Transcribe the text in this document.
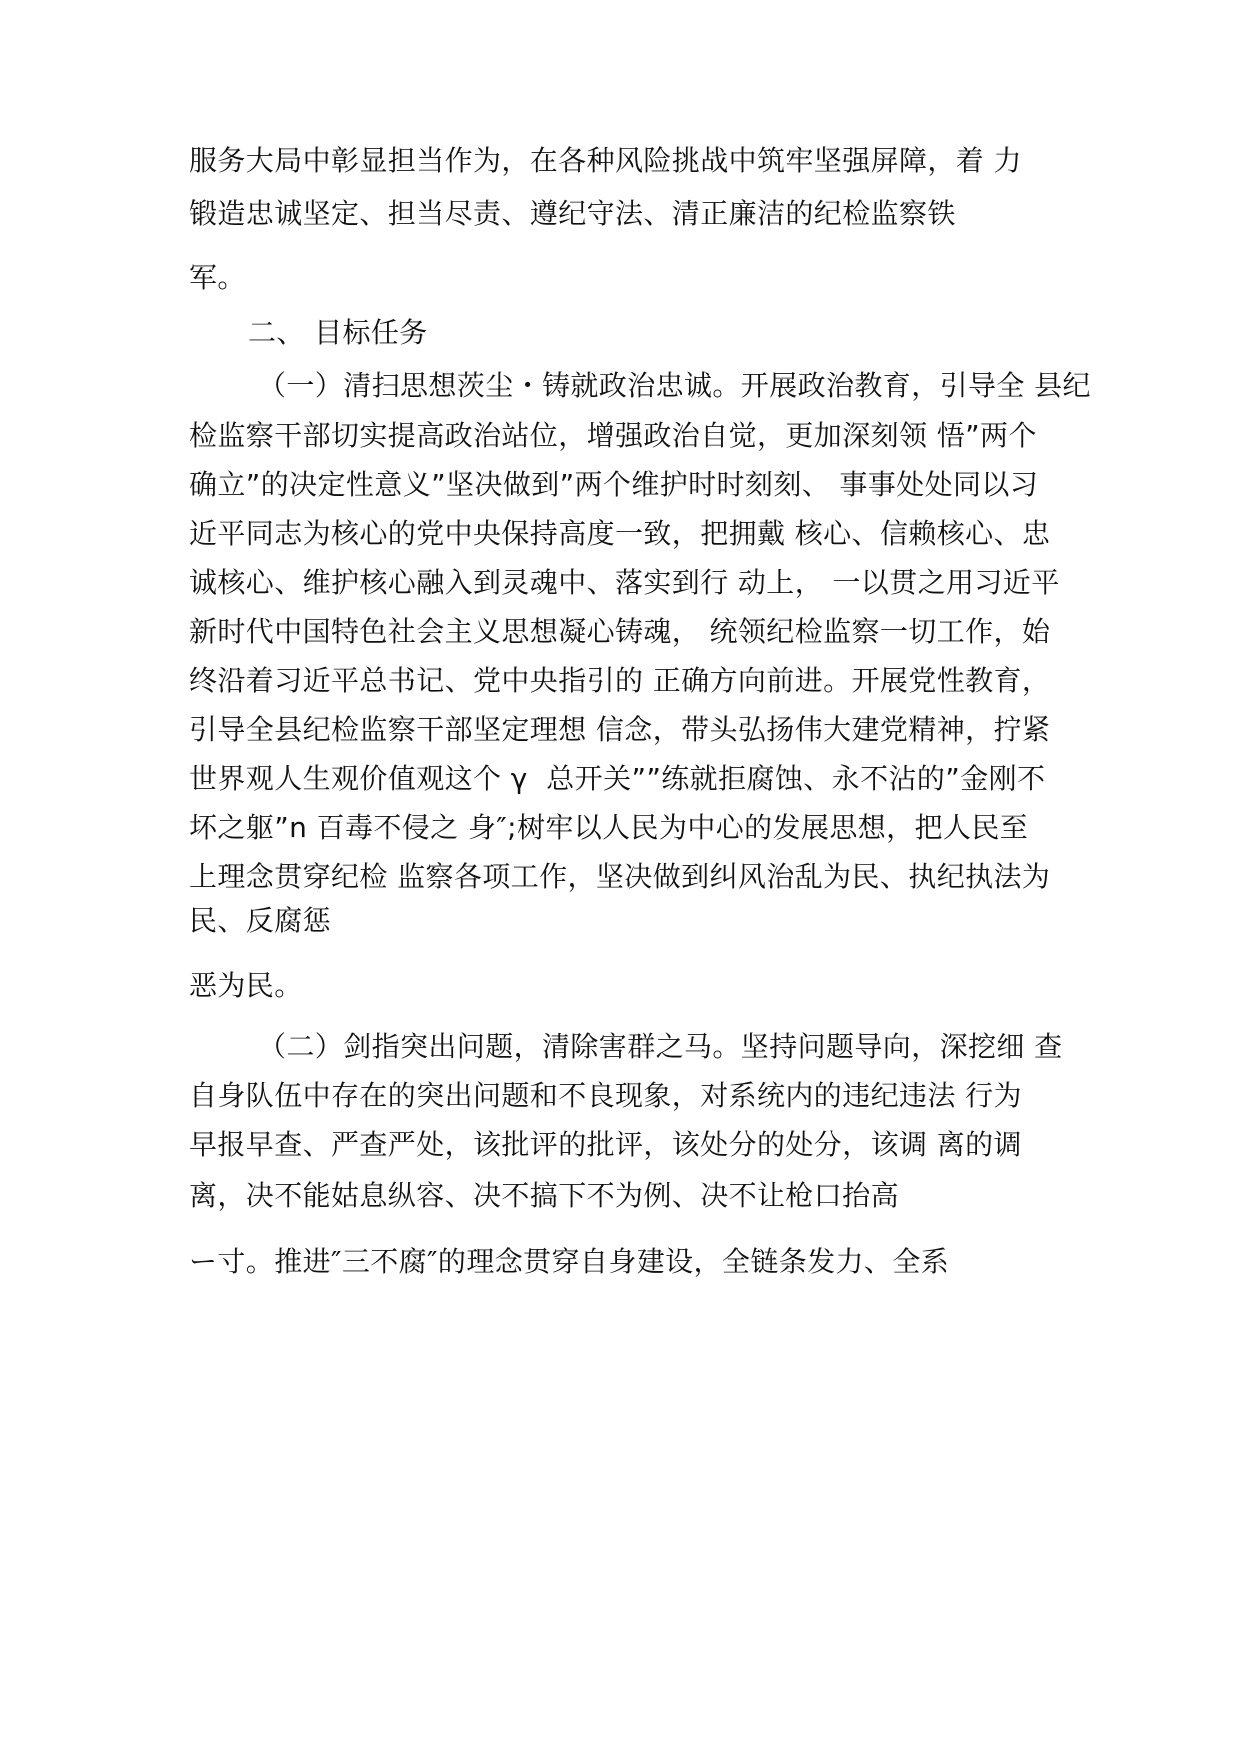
服务大局中彰显担当作为，在各种风险挑战中筑牢坚强屏障，着 力
锻造忠诚坚定、担当尽责、遵纪守法、清正廉洁的纪检监察铁
军。
二、 目标任务
（一）清扫思想茨尘・铸就政治忠诚。开展政治教育，引导全 县纪
检监察干部切实提高政治站位，增强政治自觉，更加深刻领 悟”两个
确立”的决定性意义”坚决做到”两个维护时时刻刻、 事事处处同以习
近平同志为核心的党中央保持高度一致，把拥戴 核心、信赖核心、忠
诚核心、维护核心融入到灵魂中、落实到行 动上， 一以贯之用习近平
新时代中国特色社会主义思想凝心铸魂， 统领纪检监察一切工作，始
终沿着习近平总书记、党中央指引的 正确方向前进。开展党性教育，
引导全县纪检监察干部坚定理想 信念，带头弘扬伟大建党精神，拧紧
世界观人生观价值观这个 γ  总开关””练就拒腐蚀、永不沾的”金刚不
坏之躯”n 百毒不侵之 身″;树牢以人民为中心的发展思想，把人民至
上理念贯穿纪检 监察各项工作，坚决做到纠风治乱为民、执纪执法为
民、反腐惩
恶为民。
（二）剑指突出问题，清除害群之马。坚持问题导向，深挖细 查
自身队伍中存在的突出问题和不良现象，对系统内的违纪违法 行为
早报早查、严查严处，该批评的批评，该处分的处分，该调 离的调
离，决不能姑息纵容、决不搞下不为例、决不让枪口抬高
ー寸。推进″三不腐″的理念贯穿自身建设，全链条发力、全系
